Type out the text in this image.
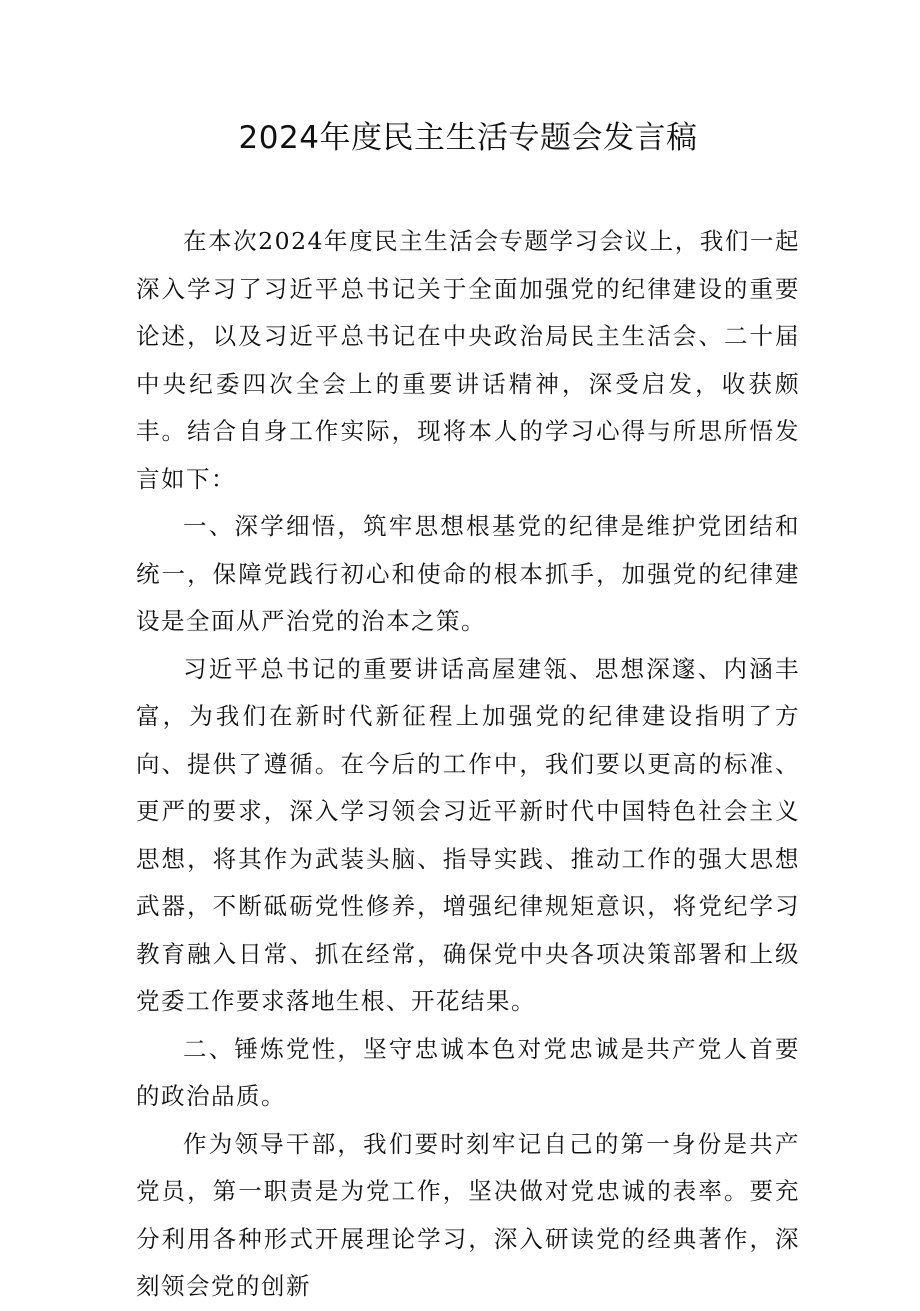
2024年度民主生活专题会发言稿

在本次2024年度民主生活会专题学习会议上，我们一起深入学习了习近平总书记关于全面加强党的纪律建设的重要论述，以及习近平总书记在中央政治局民主生活会、二十届中央纪委四次全会上的重要讲话精神，深受启发，收获颇丰。结合自身工作实际，现将本人的学习心得与所思所悟发言如下：

一、深学细悟，筑牢思想根基党的纪律是维护党团结和统一，保障党践行初心和使命的根本抓手，加强党的纪律建设是全面从严治党的治本之策。

习近平总书记的重要讲话高屋建瓴、思想深邃、内涵丰富，为我们在新时代新征程上加强党的纪律建设指明了方向、提供了遵循。在今后的工作中，我们要以更高的标准、更严的要求，深入学习领会习近平新时代中国特色社会主义思想，将其作为武装头脑、指导实践、推动工作的强大思想武器，不断砥砺党性修养，增强纪律规矩意识，将党纪学习教育融入日常、抓在经常，确保党中央各项决策部署和上级党委工作要求落地生根、开花结果。

二、锤炼党性，坚守忠诚本色对党忠诚是共产党人首要的政治品质。

作为领导干部，我们要时刻牢记自己的第一身份是共产党员，第一职责是为党工作，坚决做对党忠诚的表率。要充分利用各种形式开展理论学习，深入研读党的经典著作，深刻领会党的创新
